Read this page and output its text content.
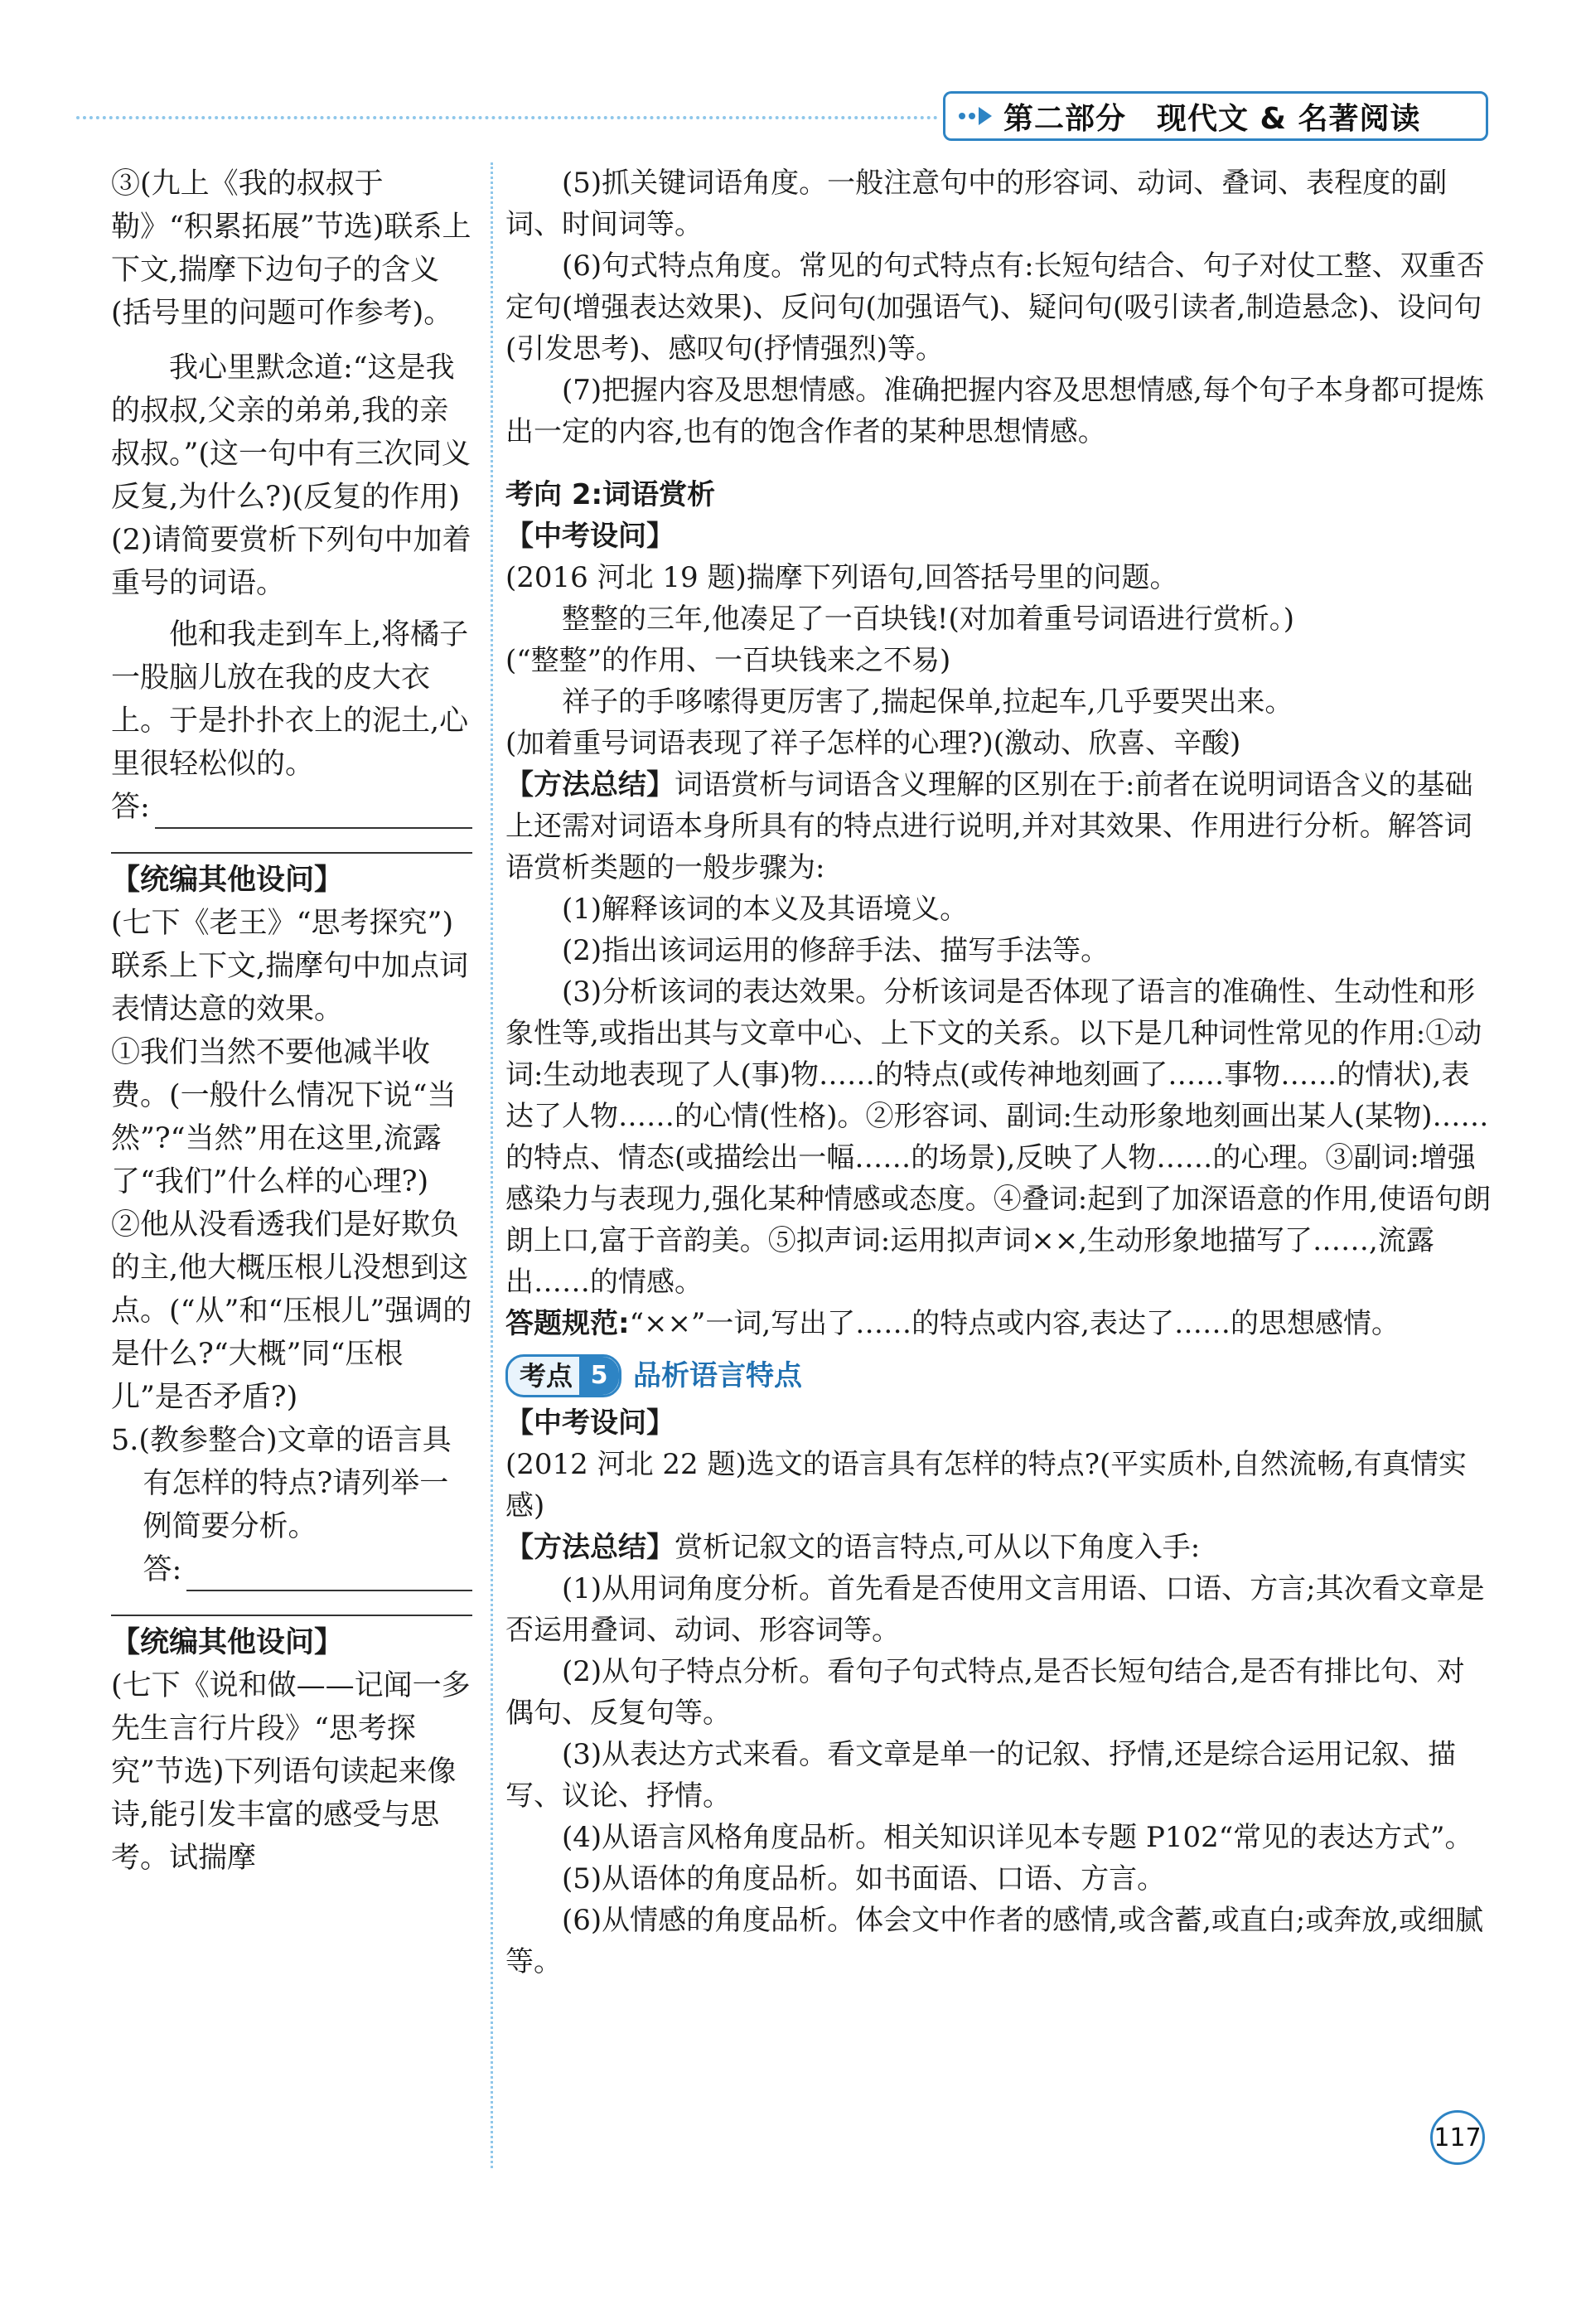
第二部分　现代文 & 名著阅读

③(九上《我的叔叔于勒》“积累拓展”节选)联系上下文,揣摩下边句子的含义(括号里的问题可作参考)。

我心里默念道:“这是我的叔叔,父亲的弟弟,我的亲叔叔。”(这一句中有三次同义反复,为什么?)(反复的作用)

(2)请简要赏析下列句中加着重号的词语。

他和我走到车上,将橘子一股脑儿放在我的皮大衣上。于是扑扑衣上的泥土,心里很轻松似的。

答:

【统编其他设问】

(七下《老王》“思考探究”)联系上下文,揣摩句中加点词表情达意的效果。

①我们当然不要他减半收费。(一般什么情况下说“当然”?“当然”用在这里,流露了“我们”什么样的心理?)

②他从没看透我们是好欺负的主,他大概压根儿没想到这点。(“从”和“压根儿”强调的是什么?“大概”同“压根儿”是否矛盾?)

5.(教参整合)文章的语言具有怎样的特点?请列举一例简要分析。

答:

【统编其他设问】

(七下《说和做——记闻一多先生言行片段》“思考探究”节选)下列语句读起来像诗,能引发丰富的感受与思考。试揣摩

(5)抓关键词语角度。一般注意句中的形容词、动词、叠词、表程度的副词、时间词等。

(6)句式特点角度。常见的句式特点有:长短句结合、句子对仗工整、双重否定句(增强表达效果)、反问句(加强语气)、疑问句(吸引读者,制造悬念)、设问句(引发思考)、感叹句(抒情强烈)等。

(7)把握内容及思想情感。准确把握内容及思想情感,每个句子本身都可提炼出一定的内容,也有的饱含作者的某种思想情感。

考向 2:词语赏析

【中考设问】

(2016 河北 19 题)揣摩下列语句,回答括号里的问题。

整整的三年,他凑足了一百块钱!(对加着重号词语进行赏析。)

(“整整”的作用、一百块钱来之不易)

祥子的手哆嗦得更厉害了,揣起保单,拉起车,几乎要哭出来。

(加着重号词语表现了祥子怎样的心理?)(激动、欣喜、辛酸)

【方法总结】词语赏析与词语含义理解的区别在于:前者在说明词语含义的基础上还需对词语本身所具有的特点进行说明,并对其效果、作用进行分析。解答词语赏析类题的一般步骤为:

(1)解释该词的本义及其语境义。

(2)指出该词运用的修辞手法、描写手法等。

(3)分析该词的表达效果。分析该词是否体现了语言的准确性、生动性和形象性等,或指出其与文章中心、上下文的关系。以下是几种词性常见的作用:①动词:生动地表现了人(事)物……的特点(或传神地刻画了……事物……的情状),表达了人物……的心情(性格)。②形容词、副词:生动形象地刻画出某人(某物)……的特点、情态(或描绘出一幅……的场景),反映了人物……的心理。③副词:增强感染力与表现力,强化某种情感或态度。④叠词:起到了加深语意的作用,使语句朗朗上口,富于音韵美。⑤拟声词:运用拟声词××,生动形象地描写了……,流露出……的情感。

答题规范:“××”一词,写出了……的特点或内容,表达了……的思想感情。

考点 5 品析语言特点

【中考设问】

(2012 河北 22 题)选文的语言具有怎样的特点?(平实质朴,自然流畅,有真情实感)

【方法总结】赏析记叙文的语言特点,可从以下角度入手:

(1)从用词角度分析。首先看是否使用文言用语、口语、方言;其次看文章是否运用叠词、动词、形容词等。

(2)从句子特点分析。看句子句式特点,是否长短句结合,是否有排比句、对偶句、反复句等。

(3)从表达方式来看。看文章是单一的记叙、抒情,还是综合运用记叙、描写、议论、抒情。

(4)从语言风格角度品析。相关知识详见本专题 P102“常见的表达方式”。

(5)从语体的角度品析。如书面语、口语、方言。

(6)从情感的角度品析。体会文中作者的感情,或含蓄,或直白;或奔放,或细腻等。

117
